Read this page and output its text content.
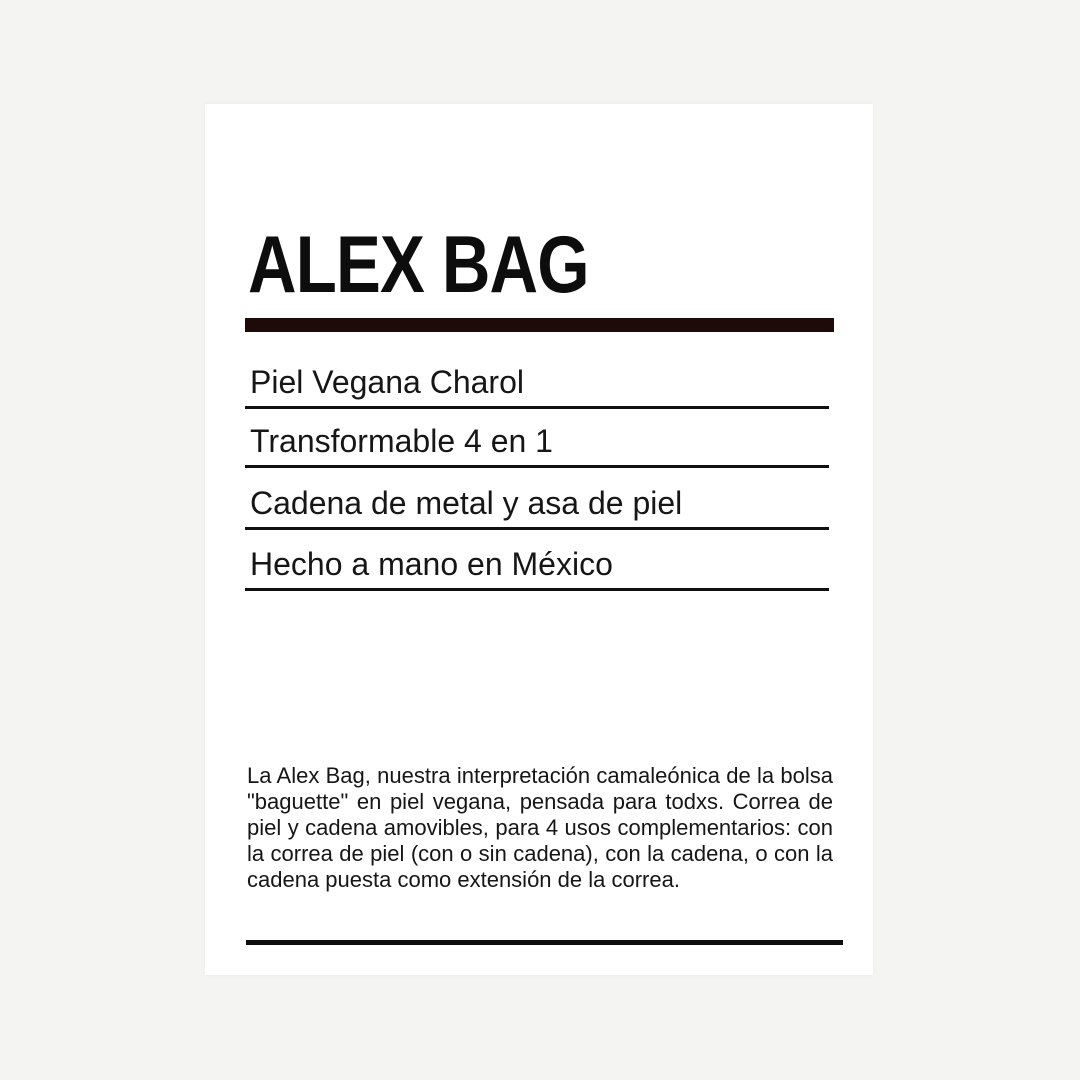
ALEX BAG
Piel Vegana Charol
Transformable 4 en 1
Cadena de metal y asa de piel
Hecho a mano en México

La Alex Bag, nuestra interpretación camaleónica de la bolsa "baguette" en piel vegana, pensada para todxs. Correa de piel y cadena amovibles, para 4 usos complementarios: con la correa de piel (con o sin cadena), con la cadena, o con la cadena puesta como extensión de la correa.
